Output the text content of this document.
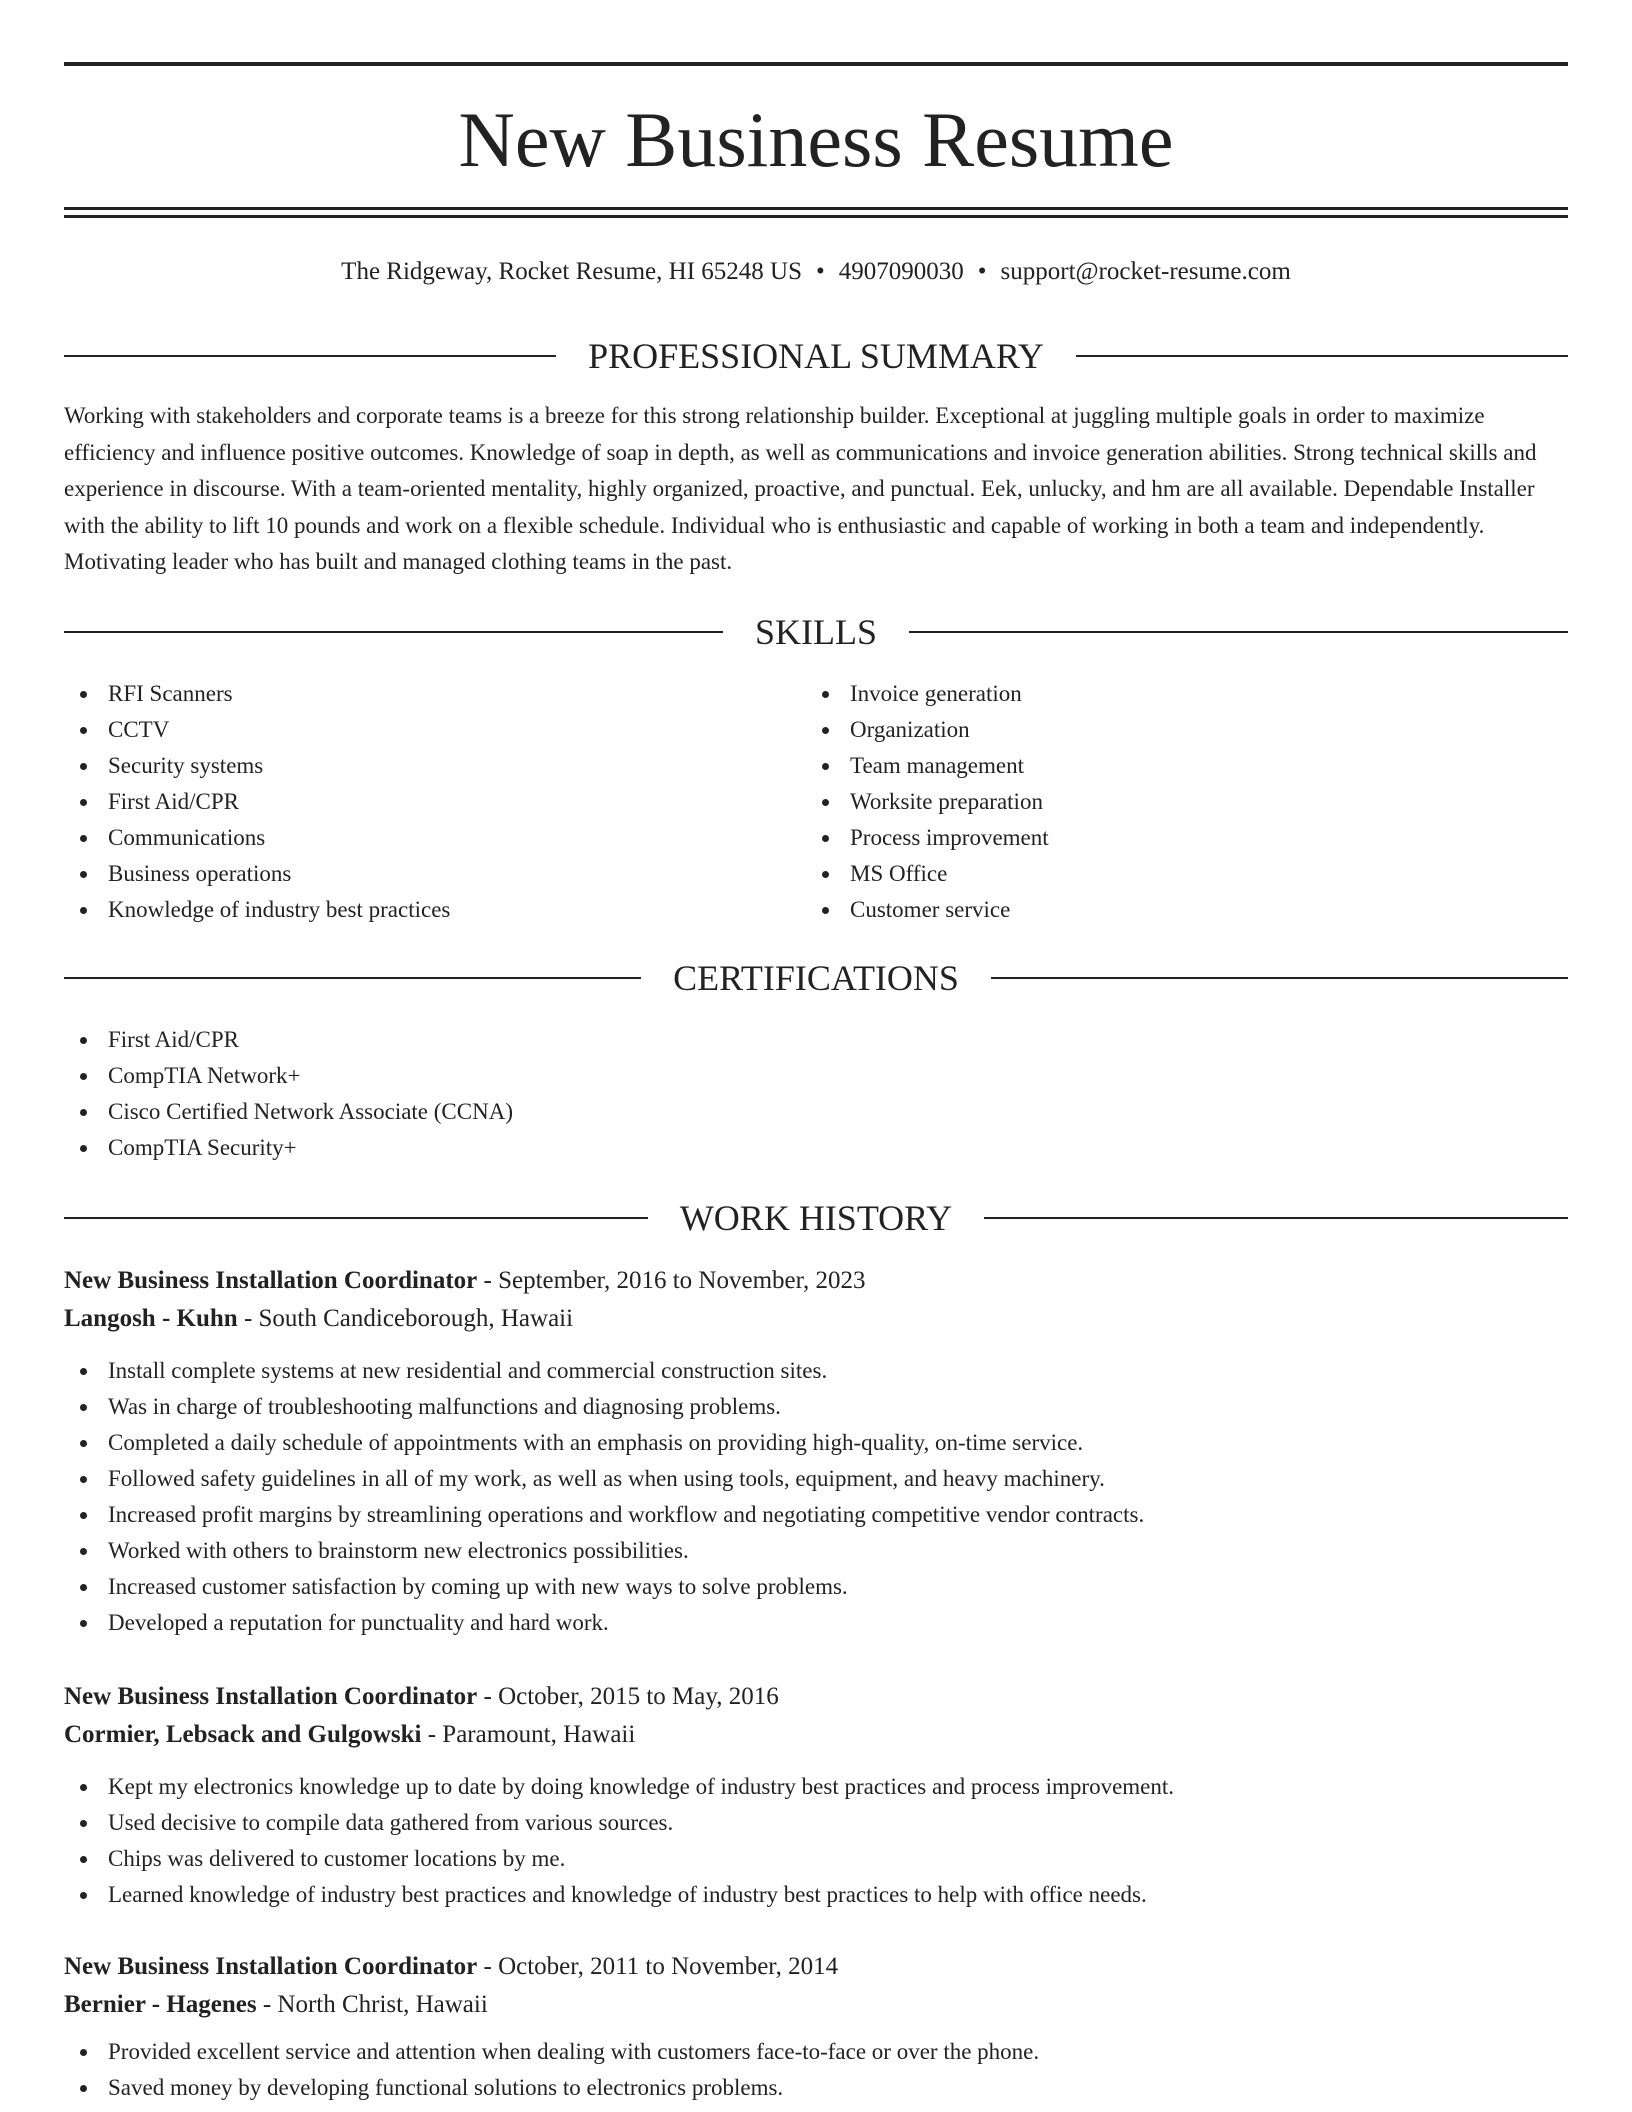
New Business Resume
The Ridgeway, Rocket Resume, HI 65248 US • 4907090030 • support@rocket-resume.com
PROFESSIONAL SUMMARY
Working with stakeholders and corporate teams is a breeze for this strong relationship builder. Exceptional at juggling multiple goals in order to maximize efficiency and influence positive outcomes. Knowledge of soap in depth, as well as communications and invoice generation abilities. Strong technical skills and experience in discourse. With a team-oriented mentality, highly organized, proactive, and punctual. Eek, unlucky, and hm are all available. Dependable Installer with the ability to lift 10 pounds and work on a flexible schedule. Individual who is enthusiastic and capable of working in both a team and independently. Motivating leader who has built and managed clothing teams in the past.
SKILLS
RFI Scanners
CCTV
Security systems
First Aid/CPR
Communications
Business operations
Knowledge of industry best practices
Invoice generation
Organization
Team management
Worksite preparation
Process improvement
MS Office
Customer service
CERTIFICATIONS
First Aid/CPR
CompTIA Network+
Cisco Certified Network Associate (CCNA)
CompTIA Security+
WORK HISTORY
New Business Installation Coordinator - September, 2016 to November, 2023
Langosh - Kuhn - South Candiceborough, Hawaii
Install complete systems at new residential and commercial construction sites.
Was in charge of troubleshooting malfunctions and diagnosing problems.
Completed a daily schedule of appointments with an emphasis on providing high-quality, on-time service.
Followed safety guidelines in all of my work, as well as when using tools, equipment, and heavy machinery.
Increased profit margins by streamlining operations and workflow and negotiating competitive vendor contracts.
Worked with others to brainstorm new electronics possibilities.
Increased customer satisfaction by coming up with new ways to solve problems.
Developed a reputation for punctuality and hard work.
New Business Installation Coordinator - October, 2015 to May, 2016
Cormier, Lebsack and Gulgowski - Paramount, Hawaii
Kept my electronics knowledge up to date by doing knowledge of industry best practices and process improvement.
Used decisive to compile data gathered from various sources.
Chips was delivered to customer locations by me.
Learned knowledge of industry best practices and knowledge of industry best practices to help with office needs.
New Business Installation Coordinator - October, 2011 to November, 2014
Bernier - Hagenes - North Christ, Hawaii
Provided excellent service and attention when dealing with customers face-to-face or over the phone.
Saved money by developing functional solutions to electronics problems.
